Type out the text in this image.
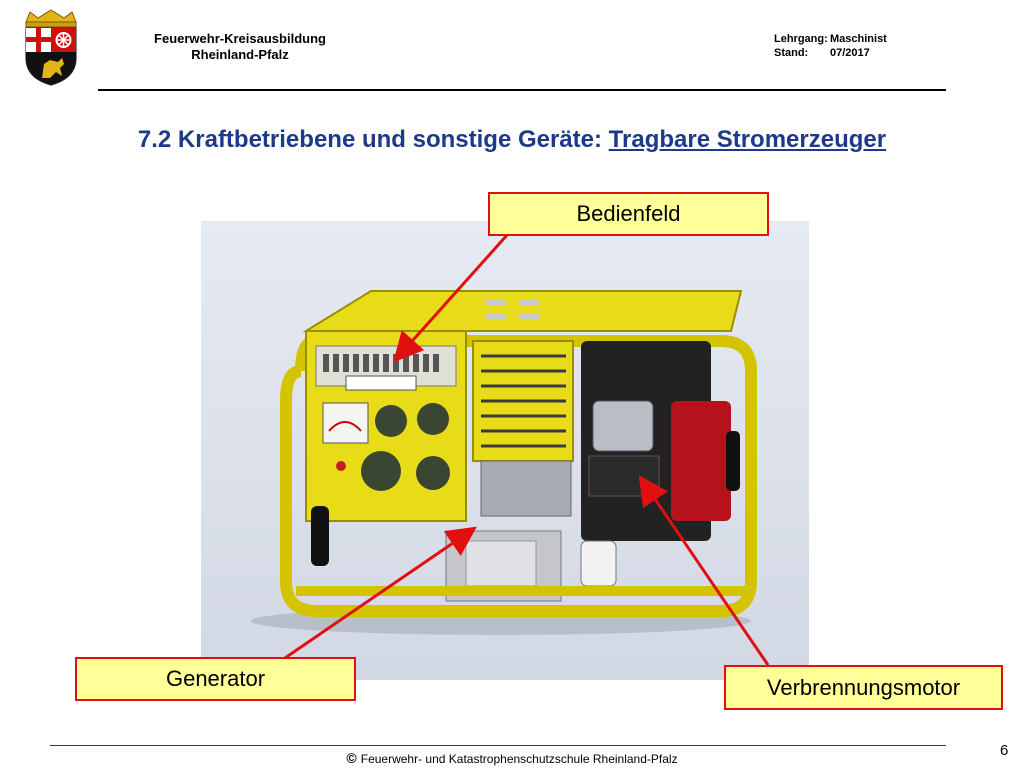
Feuerwehr-Kreisausbildung
Rheinland-Pfalz
Lehrgang: Maschinist
Stand: 07/2017
7.2 Kraftbetriebene und sonstige Geräte: Tragbare Stromerzeuger
Bedienfeld
Generator	Verbrennungsmotor
© Feuerwehr- und Katastrophenschutzschule Rheinland-Pfalz	6
